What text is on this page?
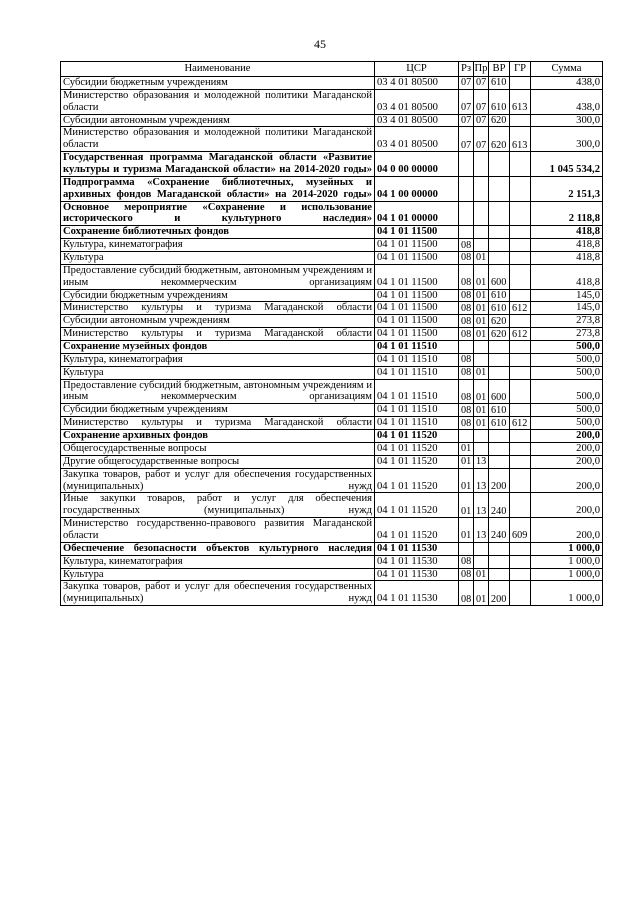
45
Наименование	ЦСР	Рз	Пр	ВР	ГР	Сумма
Субсидии бюджетным учреждениям	03 4 01 80500	07	07	610		438,0
Министерство образования и молодежной политики Магаданской области	03 4 01 80500	07	07	610	613	438,0
Субсидии автономным учреждениям	03 4 01 80500	07	07	620		300,0
Министерство образования и молодежной политики Магаданской области	03 4 01 80500	07	07	620	613	300,0
Государственная программа Магаданской области «Развитие культуры и туризма Магаданской области» на 2014-2020 годы»	04 0 00 00000					1 045 534,2
Подпрограмма «Сохранение библиотечных, музейных и архивных фондов Магаданской области» на 2014-2020 годы»	04 1 00 00000					2 151,3
Основное мероприятие «Сохранение и использование исторического и культурного наследия»	04 1 01 00000					2 118,8
Сохранение библиотечных фондов	04 1 01 11500					418,8
Культура, кинематография	04 1 01 11500	08				418,8
Культура	04 1 01 11500	08	01			418,8
Предоставление субсидий бюджетным, автономным учреждениям и иным некоммерческим организациям	04 1 01 11500	08	01	600		418,8
Субсидии бюджетным учреждениям	04 1 01 11500	08	01	610		145,0
Министерство культуры и туризма Магаданской области	04 1 01 11500	08	01	610	612	145,0
Субсидии автономным учреждениям	04 1 01 11500	08	01	620		273,8
Министерство культуры и туризма Магаданской области	04 1 01 11500	08	01	620	612	273,8
Сохранение музейных фондов	04 1 01 11510					500,0
Культура, кинематография	04 1 01 11510	08				500,0
Культура	04 1 01 11510	08	01			500,0
Предоставление субсидий бюджетным, автономным учреждениям и иным некоммерческим организациям	04 1 01 11510	08	01	600		500,0
Субсидии бюджетным учреждениям	04 1 01 11510	08	01	610		500,0
Министерство культуры и туризма Магаданской области	04 1 01 11510	08	01	610	612	500,0
Сохранение архивных фондов	04 1 01 11520					200,0
Общегосударственные вопросы	04 1 01 11520	01				200,0
Другие общегосударственные вопросы	04 1 01 11520	01	13			200,0
Закупка товаров, работ и услуг для обеспечения государственных (муниципальных) нужд	04 1 01 11520	01	13	200		200,0
Иные закупки товаров, работ и услуг для обеспечения государственных (муниципальных) нужд	04 1 01 11520	01	13	240		200,0
Министерство государственно-правового развития Магаданской области	04 1 01 11520	01	13	240	609	200,0
Обеспечение безопасности объектов культурного наследия	04 1 01 11530					1 000,0
Культура, кинематография	04 1 01 11530	08				1 000,0
Культура	04 1 01 11530	08	01			1 000,0
Закупка товаров, работ и услуг для обеспечения государственных (муниципальных) нужд	04 1 01 11530	08	01	200		1 000,0
